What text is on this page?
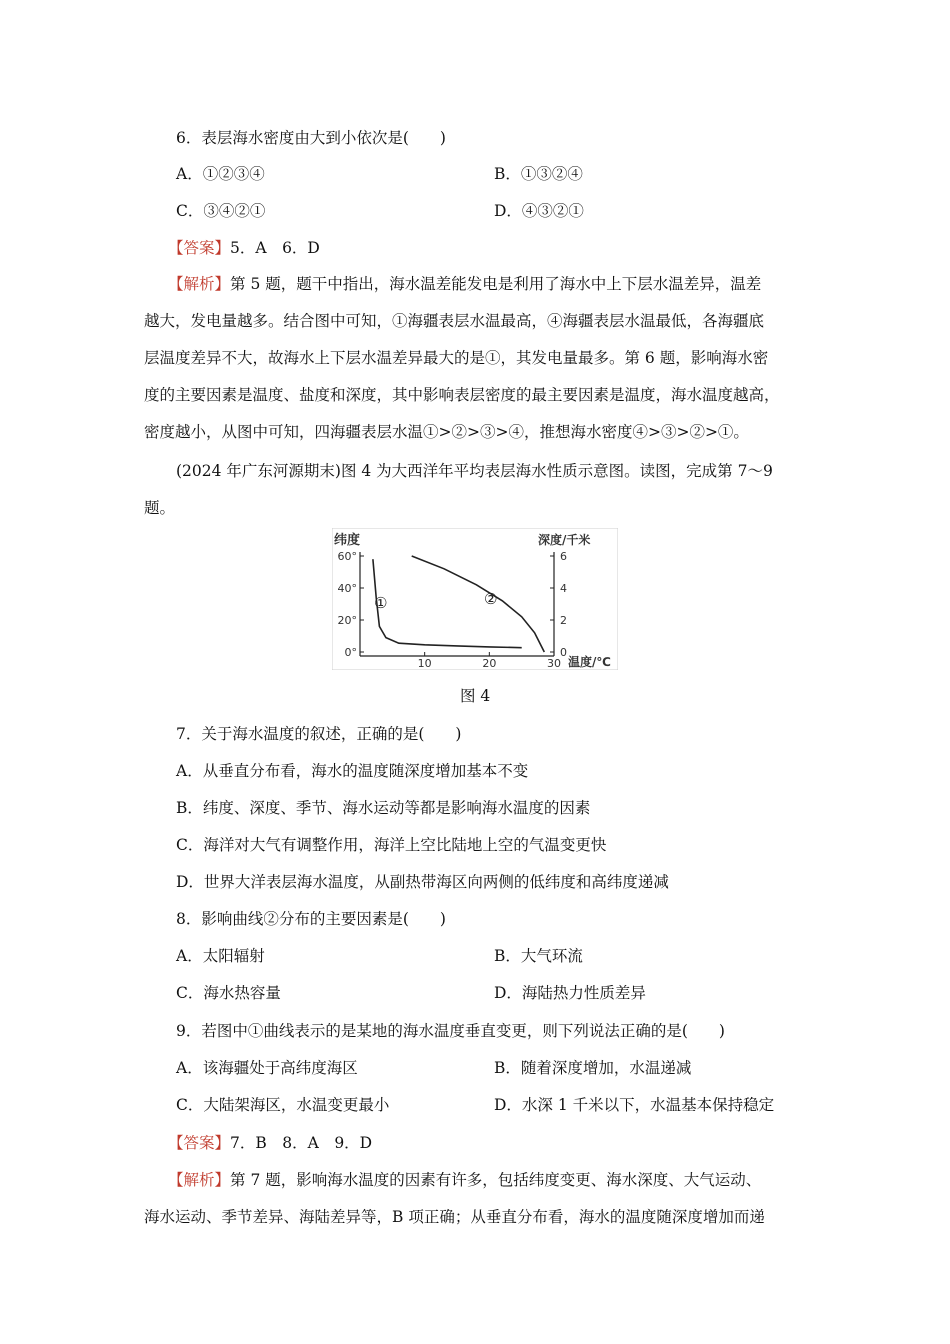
6．表层海水密度由大到小依次是(　　)
A．①②③④	B．①③②④
C．③④②①	D．④③②①
【答案】5．A　6．D
【解析】第 5 题，题干中指出，海水温差能发电是利用了海水中上下层水温差异，温差
越大，发电量越多。结合图中可知，①海疆表层水温最高，④海疆表层水温最低，各海疆底
层温度差异不大，故海水上下层水温差异最大的是①，其发电量最多。第 6 题，影响海水密
度的主要因素是温度、盐度和深度，其中影响表层密度的最主要因素是温度，海水温度越高，
密度越小，从图中可知，四海疆表层水温①>②>③>④，推想海水密度④>③>②>①。
(2024 年广东河源期末)图 4 为大西洋年平均表层海水性质示意图。读图，完成第 7～9
题。
纬度	深度/千米
温度/℃
60°
40°
20°
0°
6
4
2
0
10	20	30
①	②
图 4
7．关于海水温度的叙述，正确的是(　　)
A．从垂直分布看，海水的温度随深度增加基本不变
B．纬度、深度、季节、海水运动等都是影响海水温度的因素
C．海洋对大气有调整作用，海洋上空比陆地上空的气温变更快
D．世界大洋表层海水温度，从副热带海区向两侧的低纬度和高纬度递减
8．影响曲线②分布的主要因素是(　　)
A．太阳辐射	B．大气环流
C．海水热容量	D．海陆热力性质差异
9．若图中①曲线表示的是某地的海水温度垂直变更，则下列说法正确的是(　　)
A．该海疆处于高纬度海区	B．随着深度增加，水温递减
C．大陆架海区，水温变更最小	D．水深 1 千米以下，水温基本保持稳定
【答案】7．B　8．A　9．D
【解析】第 7 题，影响海水温度的因素有许多，包括纬度变更、海水深度、大气运动、
海水运动、季节差异、海陆差异等，B 项正确；从垂直分布看，海水的温度随深度增加而递
